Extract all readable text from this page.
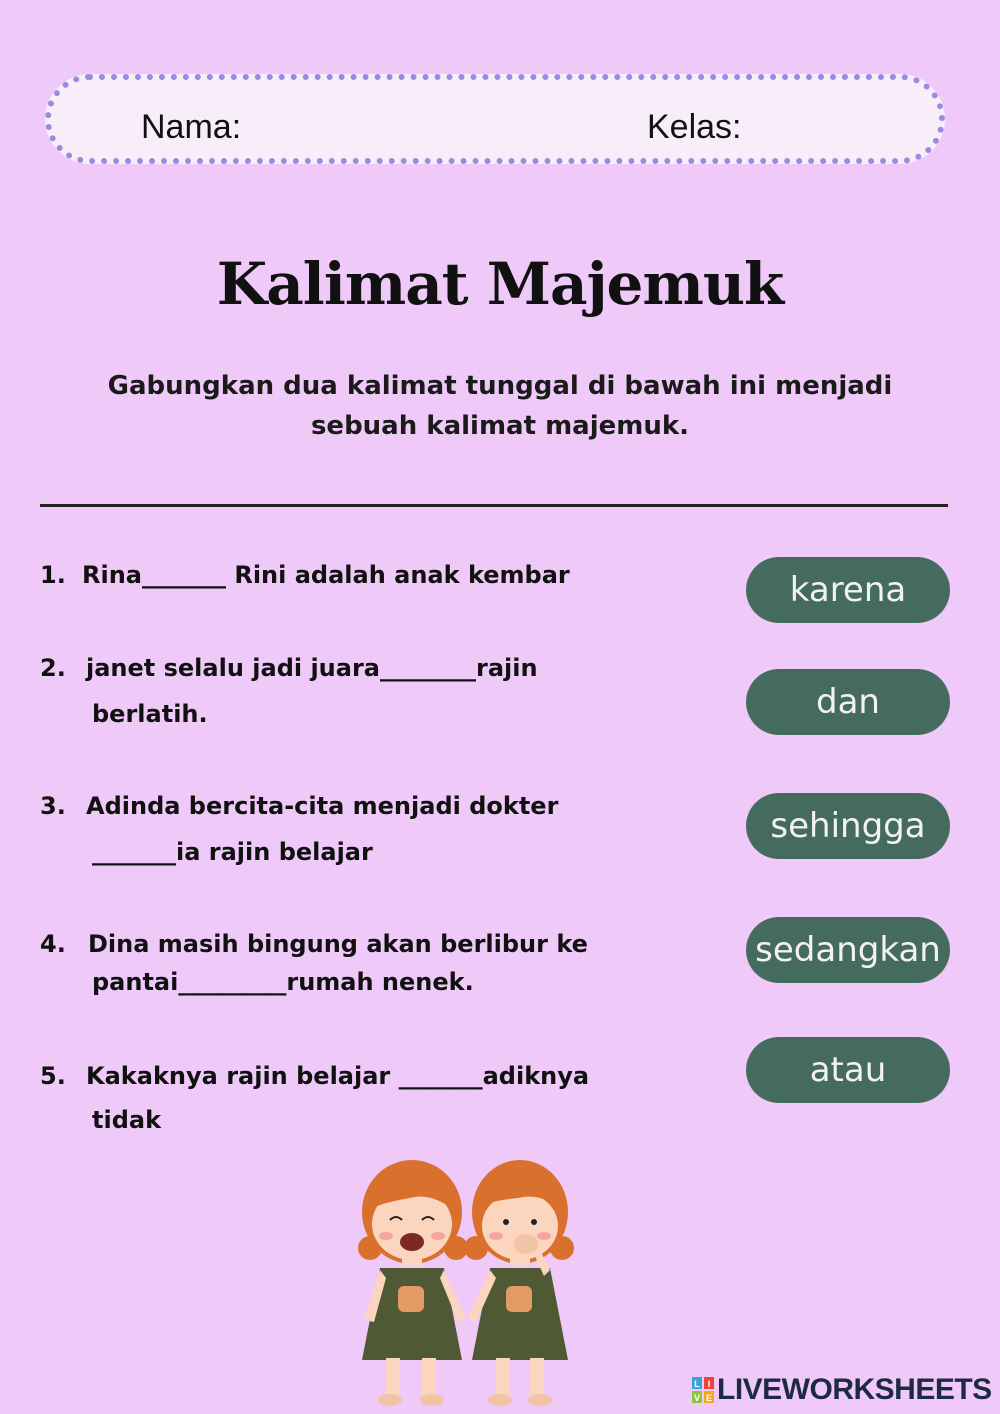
Nama:	Kelas:
Kalimat Majemuk
Gabungkan dua kalimat tunggal di bawah ini menjadi
sebuah kalimat majemuk.
1. Rina_______ Rini adalah anak kembar
2. janet selalu jadi juara________rajin
berlatih.
3. Adinda bercita-cita menjadi dokter
_______ia rajin belajar
4. Dina masih bingung akan berlibur ke
pantai_________rumah nenek.
5. Kakaknya rajin belajar _______adiknya
tidak
karena
dan
sehingga
sedangkan
atau
L I
V E LIVEWORKSHEETS
